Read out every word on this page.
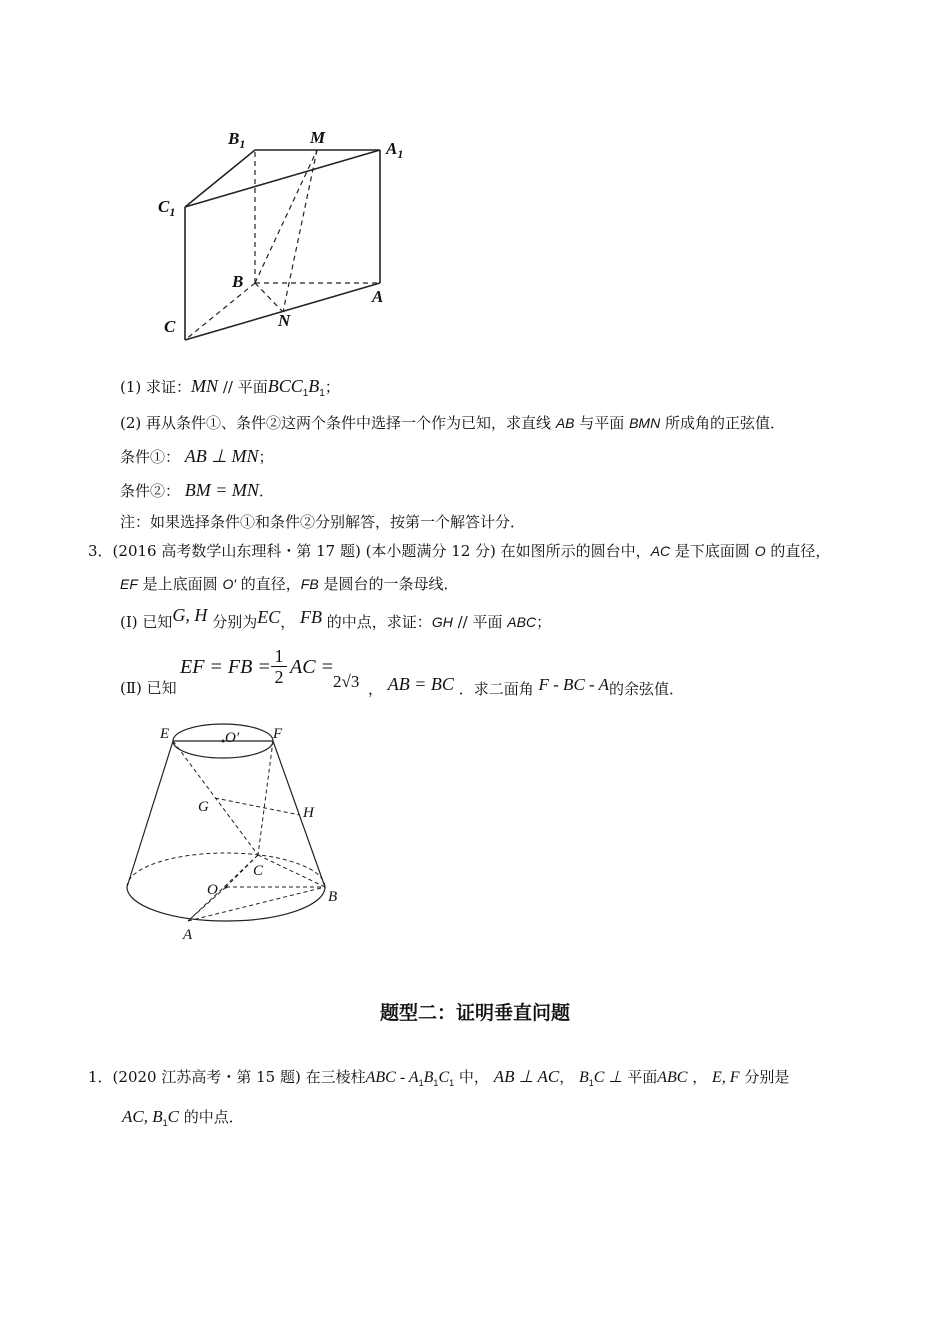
$B_1$	M
$A_1$
$C_1$
B
A
C	N
(1) 求证：MN // 平面$BCC_1B_1$；
(2) 再从条件①、条件②这两个条件中选择一个作为已知，求直线 AB 与平面 BMN 所成角的正弦值．
条件①： AB ⊥ MN；
条件②： BM = MN．
注：如果选择条件①和条件②分别解答，按第一个解答计分．
3．(2016 高考数学山东理科・第 17 题) (本小题满分 12 分) 在如图所示的圆台中，AC 是下底面圆 O 的直径，
EF 是上底面圆 O′ 的直径，FB 是圆台的一条母线．
(Ⅰ) 已知G, H 分别为EC， FB 的中点，求证：GH // 平面 ABC；
(Ⅱ) 已知
EF = FB = 1
2 AC =
2√3 ， AB = BC ．求二面角 F - BC - A的余弦值．
E	O′ F
G	H
C
O	B
A
题型二：证明垂直问题
1．(2020 江苏高考・第 15 题) 在三棱柱ABC - $A_1B_1C_1$ 中， AB ⊥ AC， $B_1C$ ⊥ 平面ABC ， E, F 分别是
AC, $B_1C$ 的中点．
